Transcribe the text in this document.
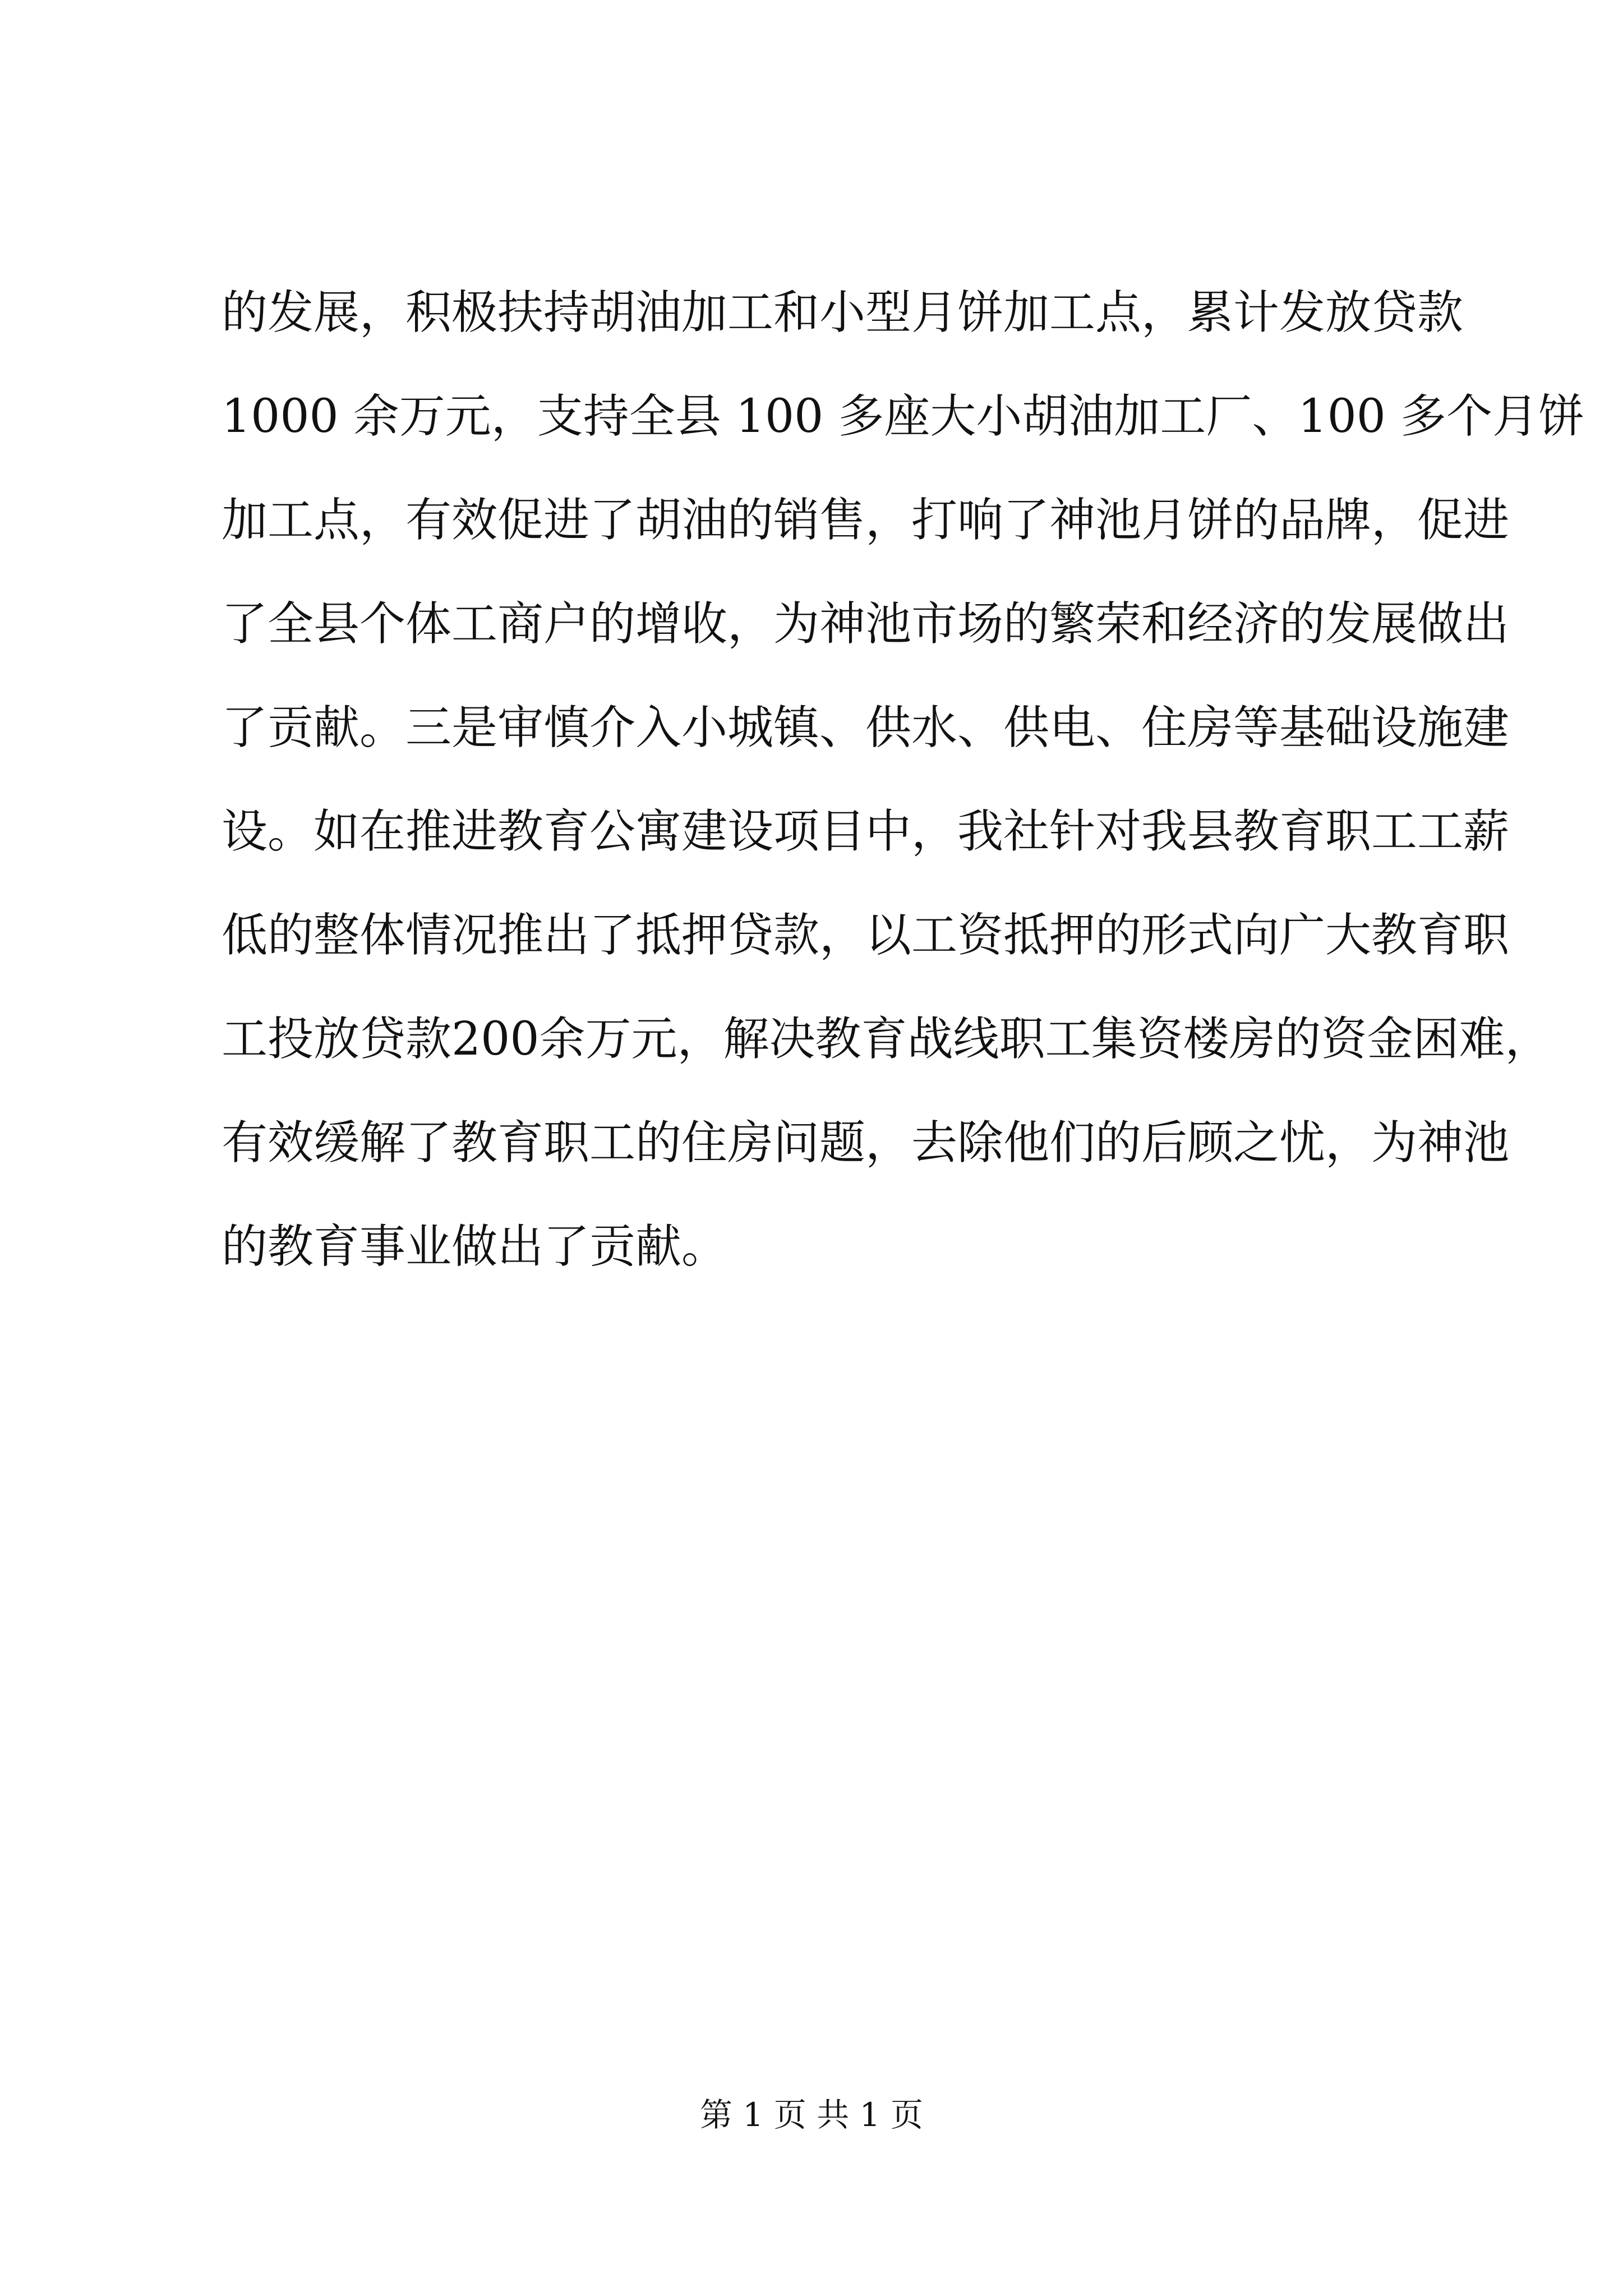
的发展，积极扶持胡油加工和小型月饼加工点，累计发放贷款
1000 余万元，支持全县 100 多座大小胡油加工厂、100 多个月饼
加工点，有效促进了胡油的销售，打响了神池月饼的品牌，促进
了全县个体工商户的增收，为神池市场的繁荣和经济的发展做出
了贡献。三是审慎介入小城镇、供水、供电、住房等基础设施建
设。如在推进教育公寓建设项目中，我社针对我县教育职工工薪
低的整体情况推出了抵押贷款，以工资抵押的形式向广大教育职
工投放贷款200余万元，解决教育战线职工集资楼房的资金困难，
有效缓解了教育职工的住房问题，去除他们的后顾之忧，为神池
的教育事业做出了贡献。
第 1 页 共 1 页
